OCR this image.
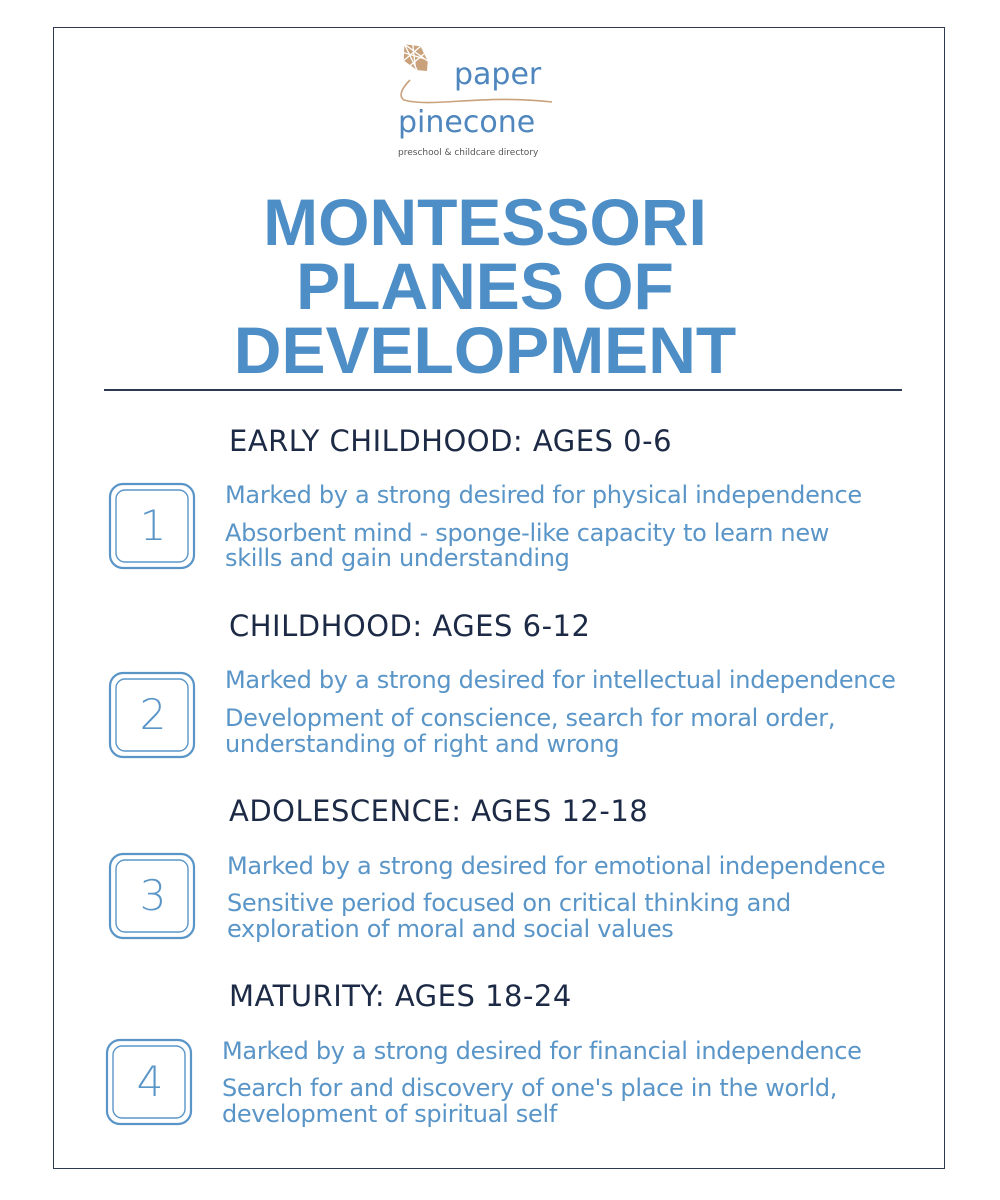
paper
pinecone
preschool & childcare directory
MONTESSORI
PLANES OF
DEVELOPMENT
EARLY CHILDHOOD: AGES 0-6
1

Marked by a strong desired for physical independence

Absorbent mind - sponge-like capacity to learn new

skills and gain understanding

CHILDHOOD: AGES 6-12
2

Marked by a strong desired for intellectual independence

Development of conscience, search for moral order,

understanding of right and wrong

ADOLESCENCE: AGES 12-18
3

Marked by a strong desired for emotional independence

Sensitive period focused on critical thinking and

exploration of moral and social values

MATURITY: AGES 18-24
4

Marked by a strong desired for financial independence

Search for and discovery of one's place in the world,

development of spiritual self
